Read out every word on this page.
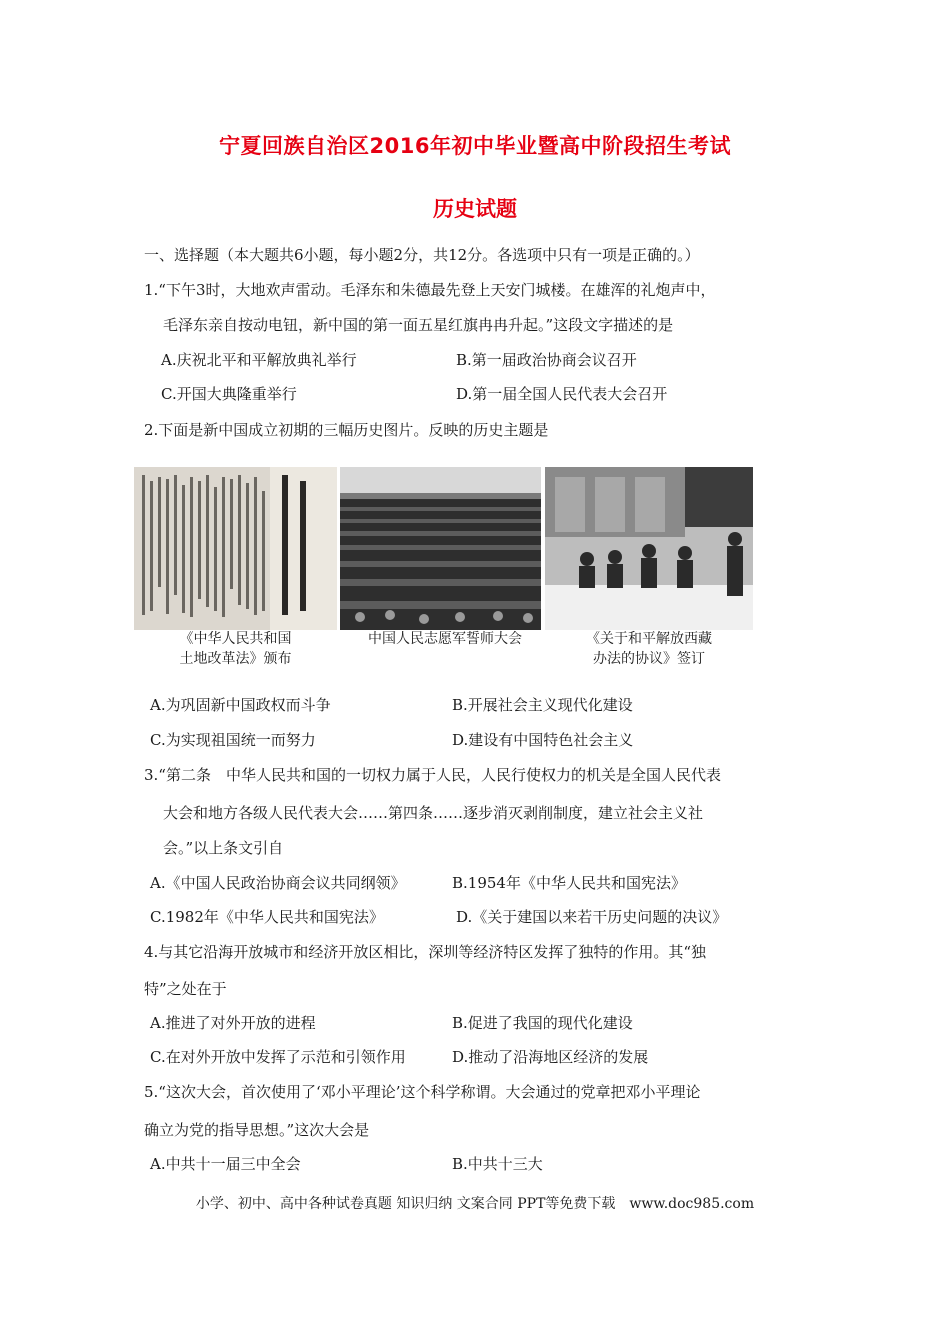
宁夏回族自治区2016年初中毕业暨高中阶段招生考试
历史试题
一、选择题（本大题共6小题，每小题2分，共12分。各选项中只有一项是正确的。）
1.“下午3时，大地欢声雷动。毛泽东和朱德最先登上天安门城楼。在雄浑的礼炮声中，
毛泽东亲自按动电钮，新中国的第一面五星红旗冉冉升起。”这段文字描述的是
A.庆祝北平和平解放典礼举行	B.第一届政治协商会议召开
C.开国大典隆重举行	D.第一届全国人民代表大会召开
2.下面是新中国成立初期的三幅历史图片。反映的历史主题是
《中华人民共和国
土地改革法》颁布
中国人民志愿军誓师大会	《关于和平解放西藏
办法的协议》签订
A.为巩固新中国政权而斗争	B.开展社会主义现代化建设
C.为实现祖国统一而努力	D.建设有中国特色社会主义
3.“第二条　中华人民共和国的一切权力属于人民，人民行使权力的机关是全国人民代表
大会和地方各级人民代表大会……第四条……逐步消灭剥削制度，建立社会主义社
会。”以上条文引自
A.《中国人民政治协商会议共同纲领》	B.1954年《中华人民共和国宪法》
C.1982年《中华人民共和国宪法》	D.《关于建国以来若干历史问题的决议》
4.与其它沿海开放城市和经济开放区相比，深圳等经济特区发挥了独特的作用。其“独
特”之处在于
A.推进了对外开放的进程	B.促进了我国的现代化建设
C.在对外开放中发挥了示范和引领作用	D.推动了沿海地区经济的发展
5.“这次大会，首次使用了‘邓小平理论’这个科学称谓。大会通过的党章把邓小平理论
确立为党的指导思想。”这次大会是
A.中共十一届三中全会	B.中共十三大
小学、初中、高中各种试卷真题 知识归纳 文案合同 PPT等免费下载　www.doc985.com
